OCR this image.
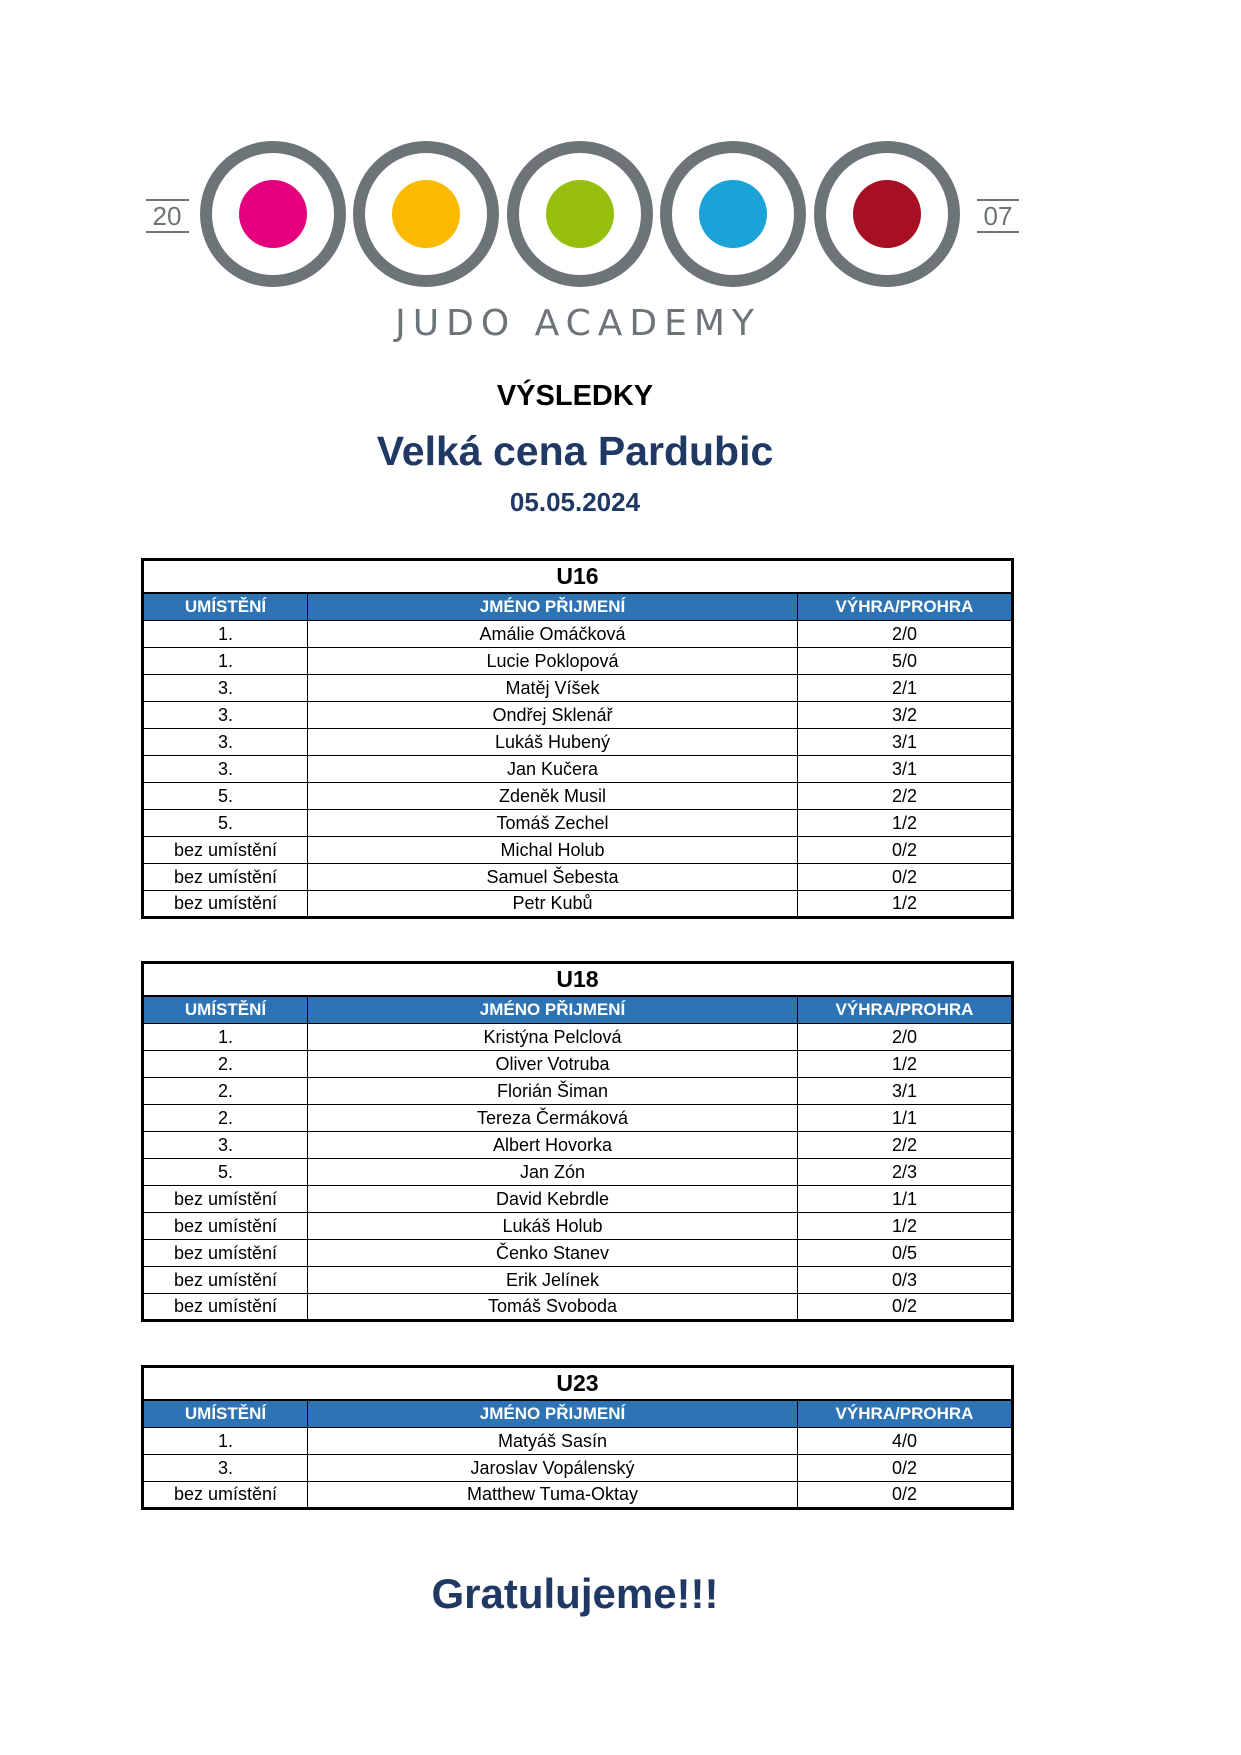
20	07
JUDO ACADEMY
VÝSLEDKY
Velká cena Pardubic
05.05.2024
U16		
UMÍSTĚNÍ	JMÉNO PŘIJMENÍ	VÝHRA/PROHRA
1.	Amálie Omáčková	2/0
1.	Lucie Poklopová	5/0
3.	Matěj Víšek	2/1
3.	Ondřej Sklenář	3/2
3.	Lukáš Hubený	3/1
3.	Jan Kučera	3/1
5.	Zdeněk Musil	2/2
5.	Tomáš Zechel	1/2
bez umístění	Michal Holub	0/2
bez umístění	Samuel Šebesta	0/2
bez umístění	Petr Kubů	1/2
U18		
UMÍSTĚNÍ	JMÉNO PŘIJMENÍ	VÝHRA/PROHRA
1.	Kristýna Pelclová	2/0
2.	Oliver Votruba	1/2
2.	Florián Šiman	3/1
2.	Tereza Čermáková	1/1
3.	Albert Hovorka	2/2
5.	Jan Zón	2/3
bez umístění	David Kebrdle	1/1
bez umístění	Lukáš Holub	1/2
bez umístění	Čenko Stanev	0/5
bez umístění	Erik Jelínek	0/3
bez umístění	Tomáš Svoboda	0/2
U23		
UMÍSTĚNÍ	JMÉNO PŘIJMENÍ	VÝHRA/PROHRA
1.	Matyáš Sasín	4/0
3.	Jaroslav Vopálenský	0/2
bez umístění	Matthew Tuma-Oktay	0/2
Gratulujeme!!!
